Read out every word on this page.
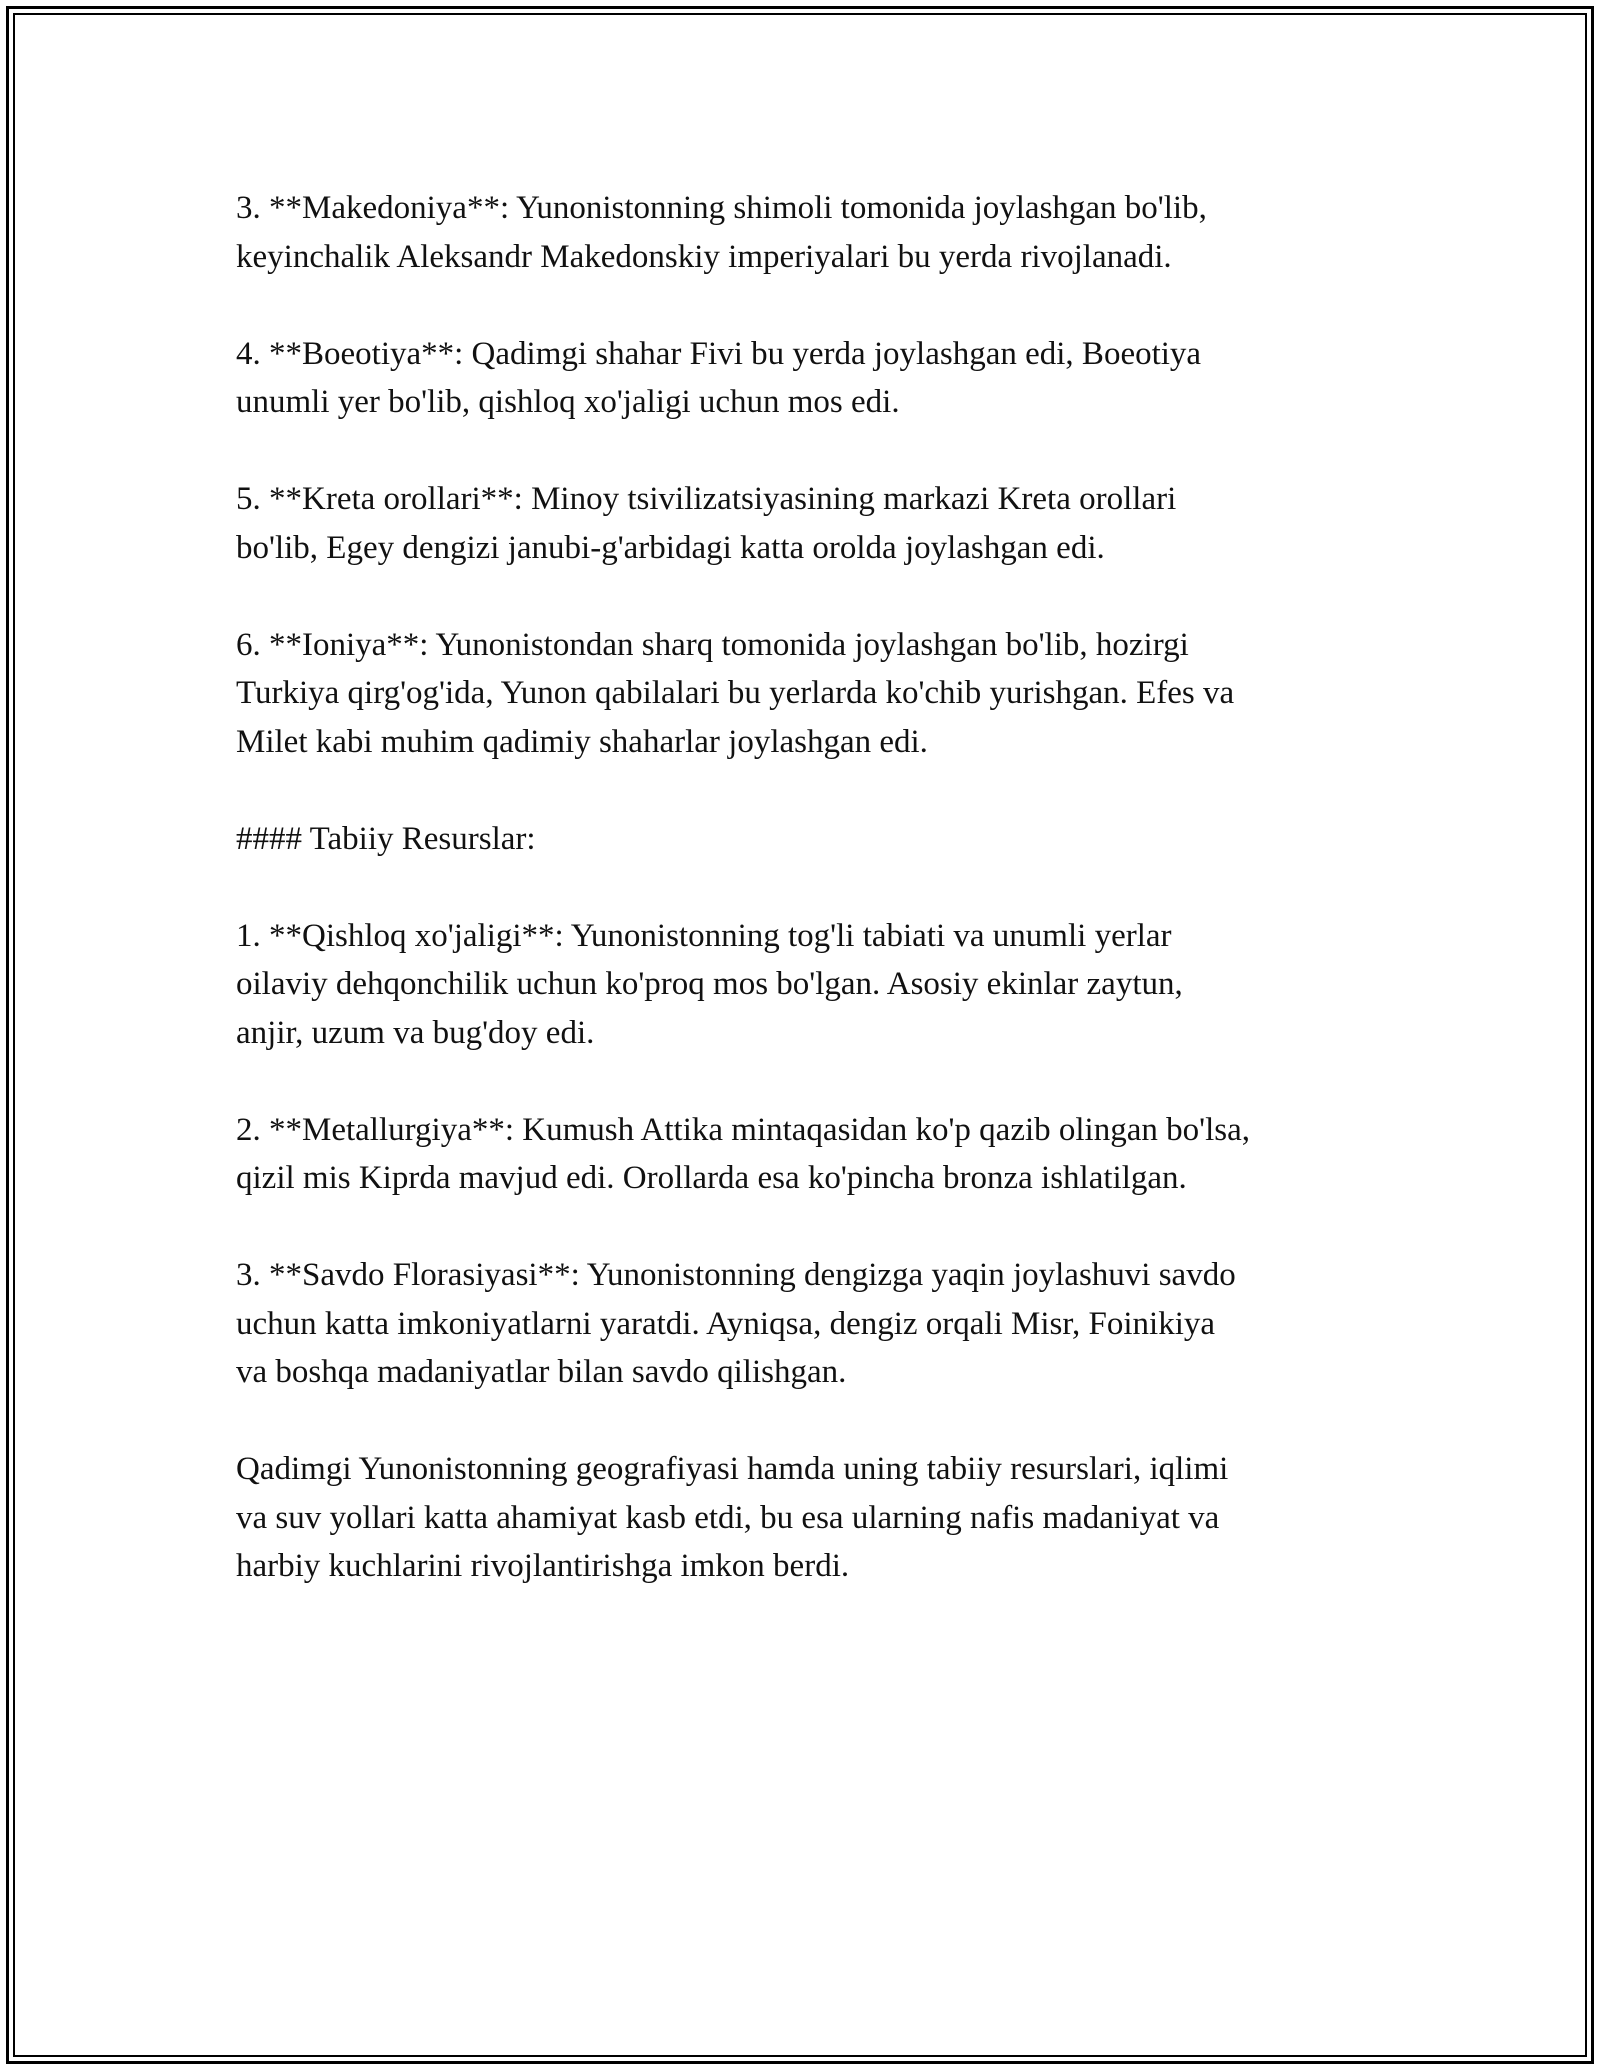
3. **Makedoniya**: Yunonistonning shimoli tomonida joylashgan bo'lib,
keyinchalik Aleksandr Makedonskiy imperiyalari bu yerda rivojlanadi.

4. **Boeotiya**: Qadimgi shahar Fivi bu yerda joylashgan edi, Boeotiya
unumli yer bo'lib, qishloq xo'jaligi uchun mos edi.

5. **Kreta orollari**: Minoy tsivilizatsiyasining markazi Kreta orollari
bo'lib, Egey dengizi janubi-g'arbidagi katta orolda joylashgan edi.

6. **Ioniya**: Yunonistondan sharq tomonida joylashgan bo'lib, hozirgi
Turkiya qirg'og'ida, Yunon qabilalari bu yerlarda ko'chib yurishgan. Efes va
Milet kabi muhim qadimiy shaharlar joylashgan edi.

#### Tabiiy Resurslar:

1. **Qishloq xo'jaligi**: Yunonistonning tog'li tabiati va unumli yerlar
oilaviy dehqonchilik uchun ko'proq mos bo'lgan. Asosiy ekinlar zaytun,
anjir, uzum va bug'doy edi.

2. **Metallurgiya**: Kumush Attika mintaqasidan ko'p qazib olingan bo'lsa,
qizil mis Kiprda mavjud edi. Orollarda esa ko'pincha bronza ishlatilgan.

3. **Savdo Florasiyasi**: Yunonistonning dengizga yaqin joylashuvi savdo
uchun katta imkoniyatlarni yaratdi. Ayniqsa, dengiz orqali Misr, Foinikiya
va boshqa madaniyatlar bilan savdo qilishgan.

Qadimgi Yunonistonning geografiyasi hamda uning tabiiy resurslari, iqlimi
va suv yollari katta ahamiyat kasb etdi, bu esa ularning nafis madaniyat va
harbiy kuchlarini rivojlantirishga imkon berdi.
